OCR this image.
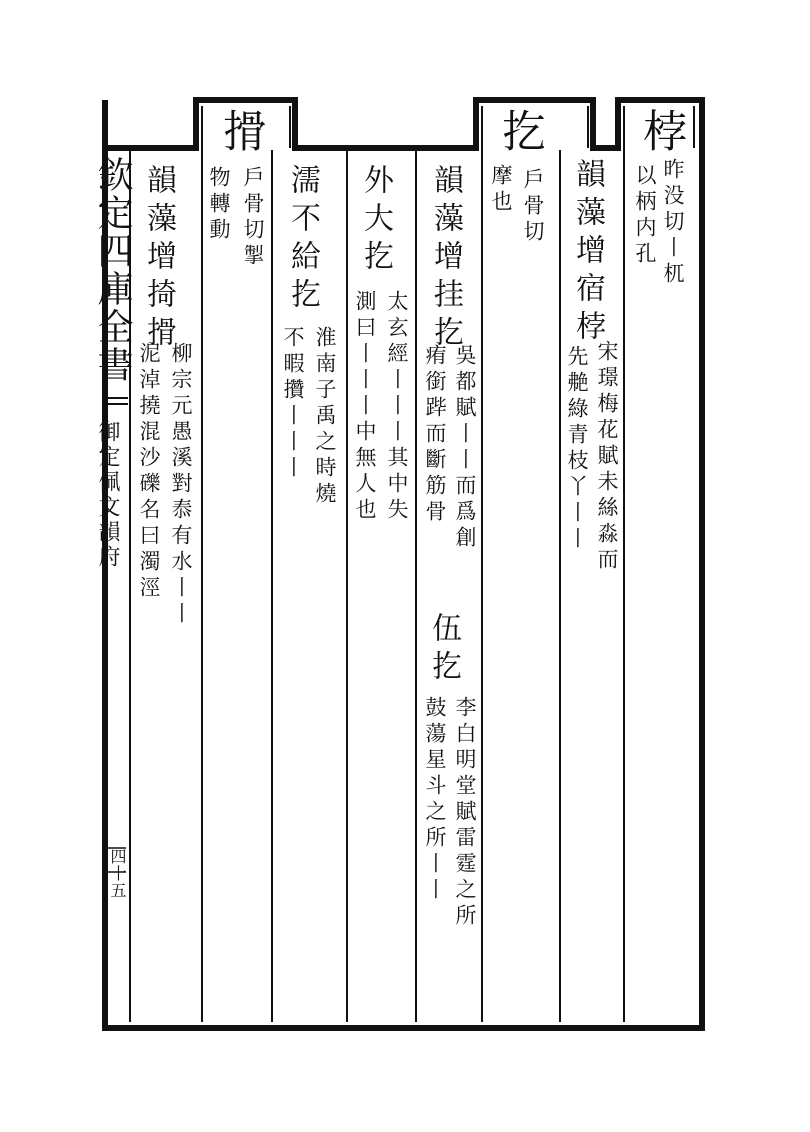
欽定四庫全書
御定佩文韻府
四十五
桲
扢
搰
昨没切丨杌
以柄内孔
韻藻增宿桲
宋璟梅花賦未絲淼而
先艴綠青枝丫丨丨
戶骨切
摩也
韻藻增挂扢
吳都賦丨丨而爲創
痏銜跸而斷筋骨
伍扢
李白明堂賦雷霆之所
鼓蕩星斗之所丨丨
外大扢
太玄經丨丨丨其中失
測曰丨丨丨中無人也
濡不給扢
淮南子禹之時燒
不暇攢丨丨丨
戶骨切掣
物轉動
韻藻增掎搰
柳宗元愚溪對㤗有水丨丨
泥淖撓混沙礫名曰濁涇
